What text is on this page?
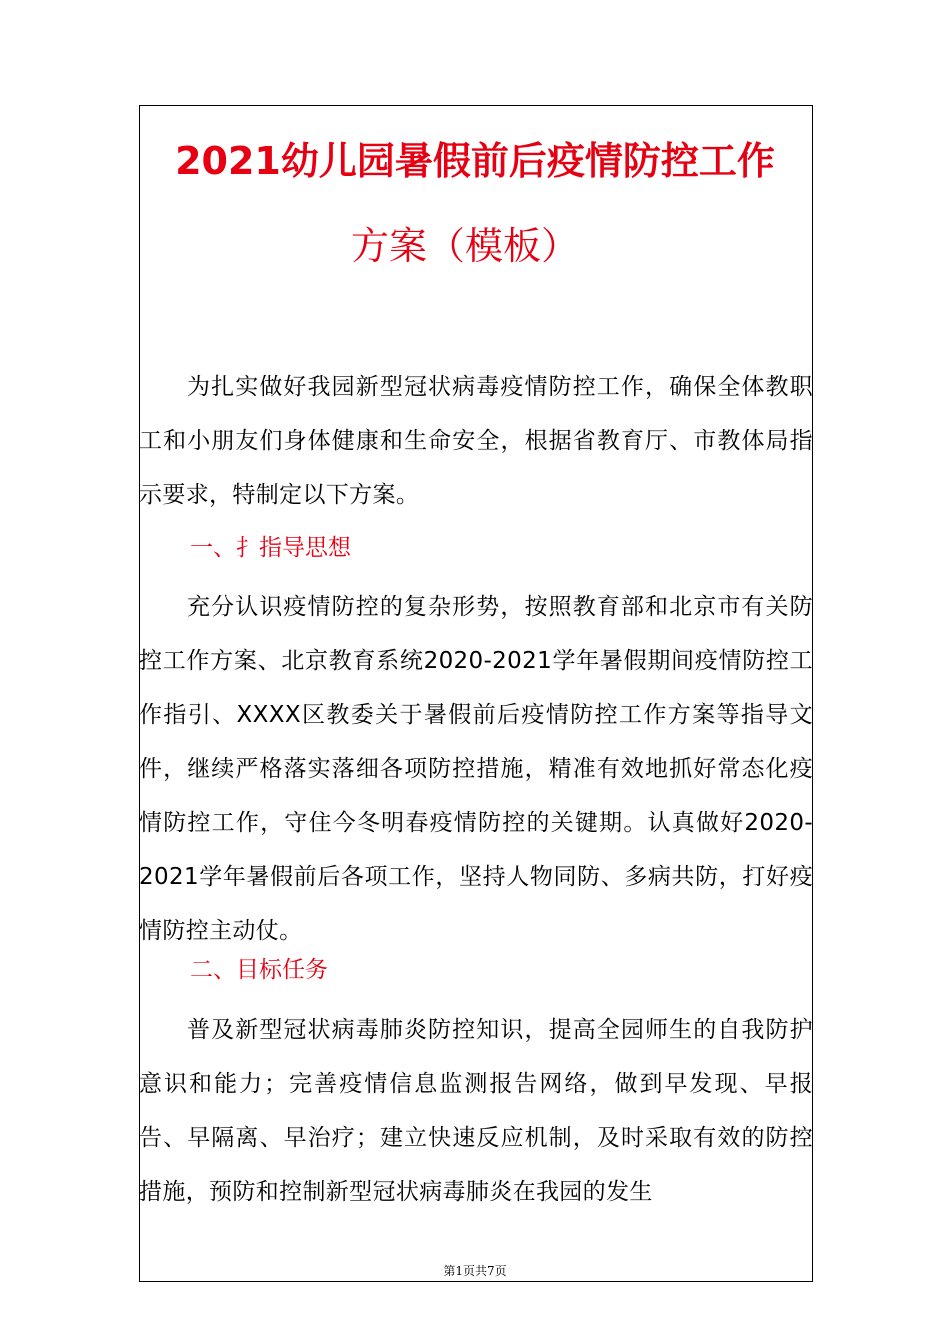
2021幼儿园暑假前后疫情防控工作
方案（模板）

为扎实做好我园新型冠状病毒疫情防控工作，确保全体教职工和小朋友们身体健康和生命安全，根据省教育厅、市教体局指示要求，特制定以下方案。

一、扌指导思想

充分认识疫情防控的复杂形势，按照教育部和北京市有关防控工作方案、北京教育系统2020-2021学年暑假期间疫情防控工作指引、XXXX区教委关于暑假前后疫情防控工作方案等指导文件，继续严格落实落细各项防控措施，精准有效地抓好常态化疫情防控工作，守住今冬明春疫情防控的关键期。认真做好2020-2021学年暑假前后各项工作，坚持人物同防、多病共防，打好疫情防控主动仗。

二、目标任务

普及新型冠状病毒肺炎防控知识，提高全园师生的自我防护意识和能力；完善疫情信息监测报告网络，做到早发现、早报告、早隔离、早治疗；建立快速反应机制，及时采取有效的防控措施，预防和控制新型冠状病毒肺炎在我园的发生

第1页共7页
